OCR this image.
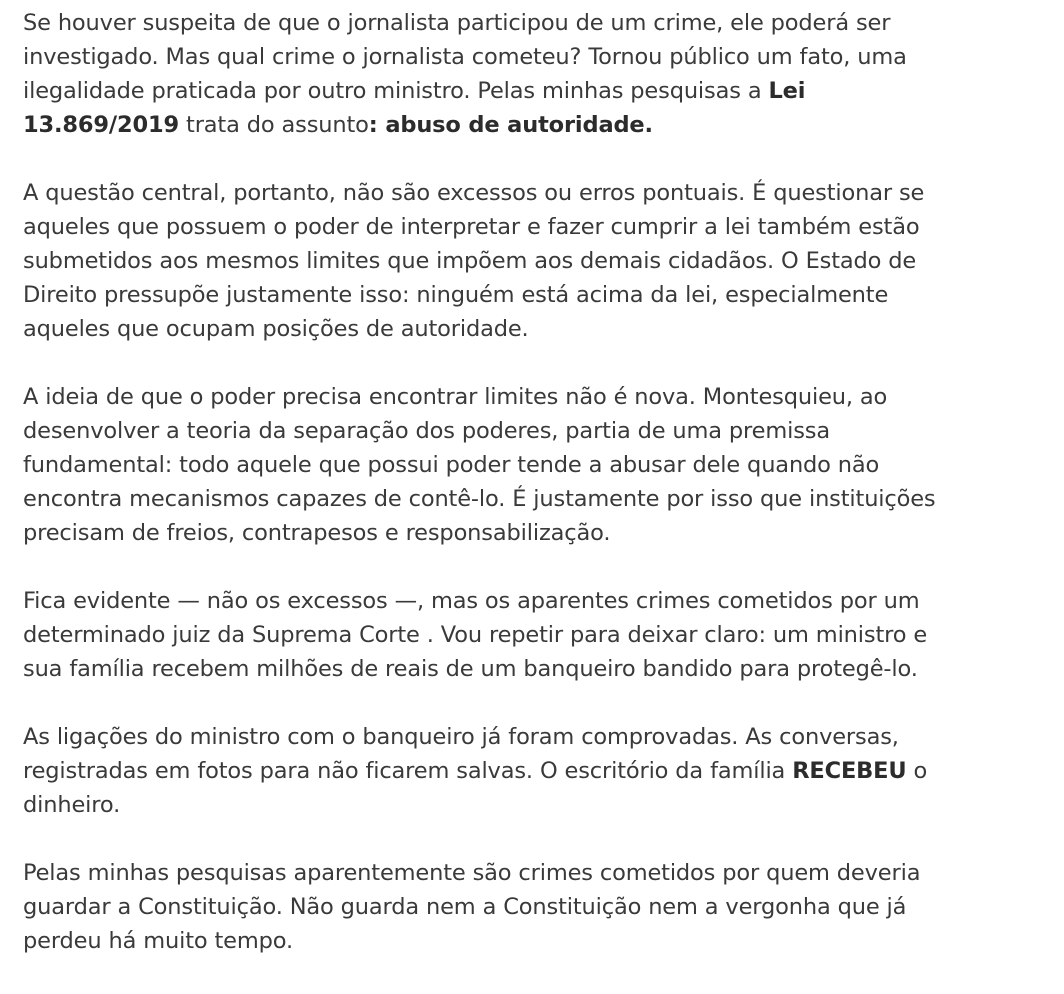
Se houver suspeita de que o jornalista participou de um crime, ele poderá ser
investigado. Mas qual crime o jornalista cometeu? Tornou público um fato, uma
ilegalidade praticada por outro ministro. Pelas minhas pesquisas a Lei
13.869/2019 trata do assunto: abuso de autoridade.

A questão central, portanto, não são excessos ou erros pontuais. É questionar se
aqueles que possuem o poder de interpretar e fazer cumprir a lei também estão
submetidos aos mesmos limites que impõem aos demais cidadãos. O Estado de
Direito pressupõe justamente isso: ninguém está acima da lei, especialmente
aqueles que ocupam posições de autoridade.

A ideia de que o poder precisa encontrar limites não é nova. Montesquieu, ao
desenvolver a teoria da separação dos poderes, partia de uma premissa
fundamental: todo aquele que possui poder tende a abusar dele quando não
encontra mecanismos capazes de contê-lo. É justamente por isso que instituições
precisam de freios, contrapesos e responsabilização.

Fica evidente — não os excessos —, mas os aparentes crimes cometidos por um
determinado juiz da Suprema Corte . Vou repetir para deixar claro: um ministro e
sua família recebem milhões de reais de um banqueiro bandido para protegê-lo.

As ligações do ministro com o banqueiro já foram comprovadas. As conversas,
registradas em fotos para não ficarem salvas. O escritório da família RECEBEU o
dinheiro.

Pelas minhas pesquisas aparentemente são crimes cometidos por quem deveria
guardar a Constituição. Não guarda nem a Constituição nem a vergonha que já
perdeu há muito tempo.
